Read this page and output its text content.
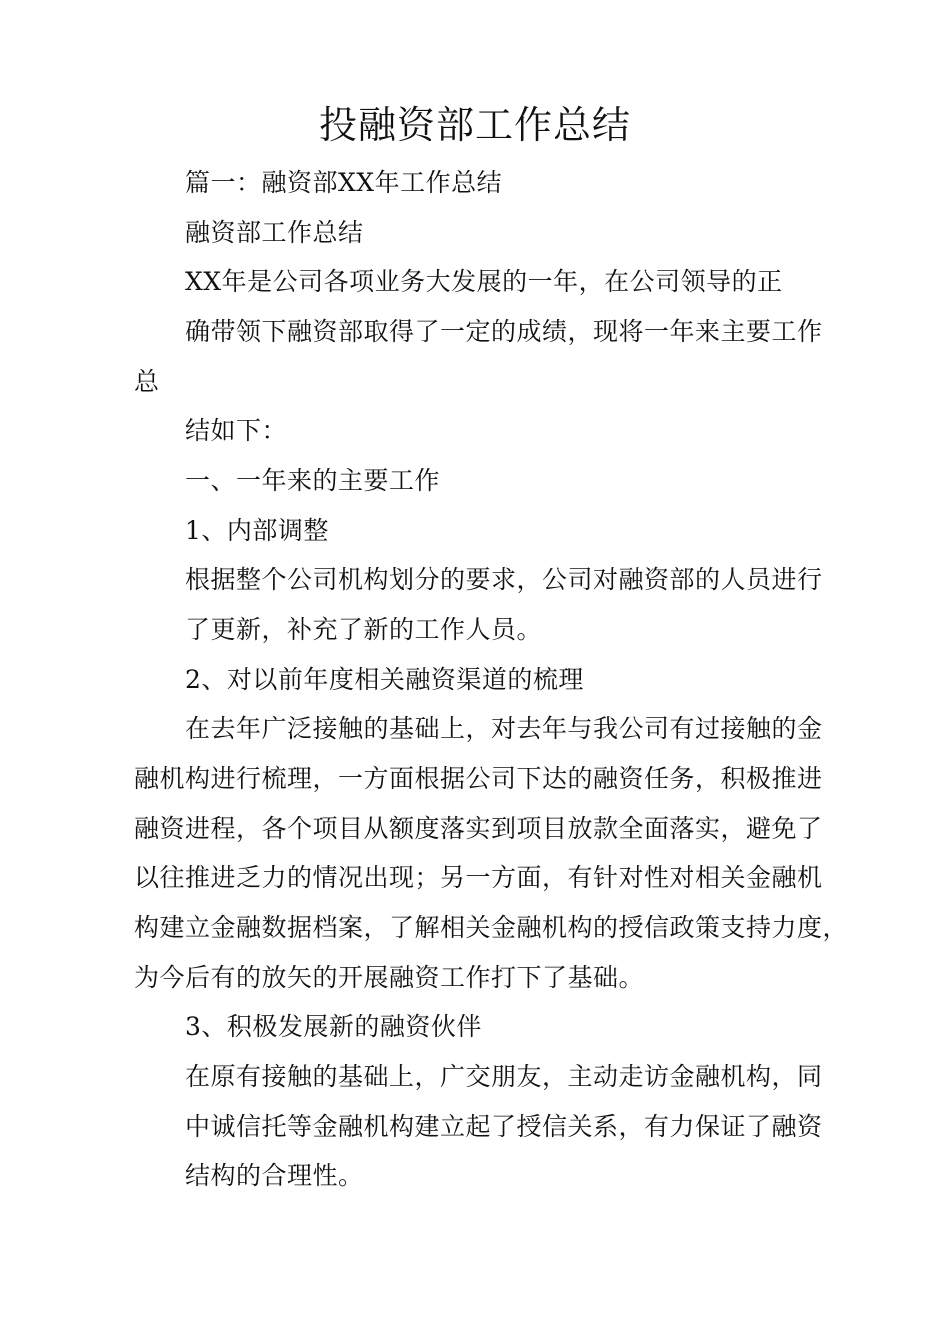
投融资部工作总结
篇一：融资部XX年工作总结
融资部工作总结
XX年是公司各项业务大发展的一年，在公司领导的正
确带领下融资部取得了一定的成绩，现将一年来主要工作
总
结如下：
一、一年来的主要工作
1、内部调整
根据整个公司机构划分的要求，公司对融资部的人员进行
了更新，补充了新的工作人员。
2、对以前年度相关融资渠道的梳理
在去年广泛接触的基础上，对去年与我公司有过接触的金
融机构进行梳理，一方面根据公司下达的融资任务，积极推进
融资进程，各个项目从额度落实到项目放款全面落实，避免了
以往推进乏力的情况出现；另一方面，有针对性对相关金融机
构建立金融数据档案，了解相关金融机构的授信政策支持力度，
为今后有的放矢的开展融资工作打下了基础。
3、积极发展新的融资伙伴
在原有接触的基础上，广交朋友，主动走访金融机构，同
中诚信托等金融机构建立起了授信关系，有力保证了融资
结构的合理性。
